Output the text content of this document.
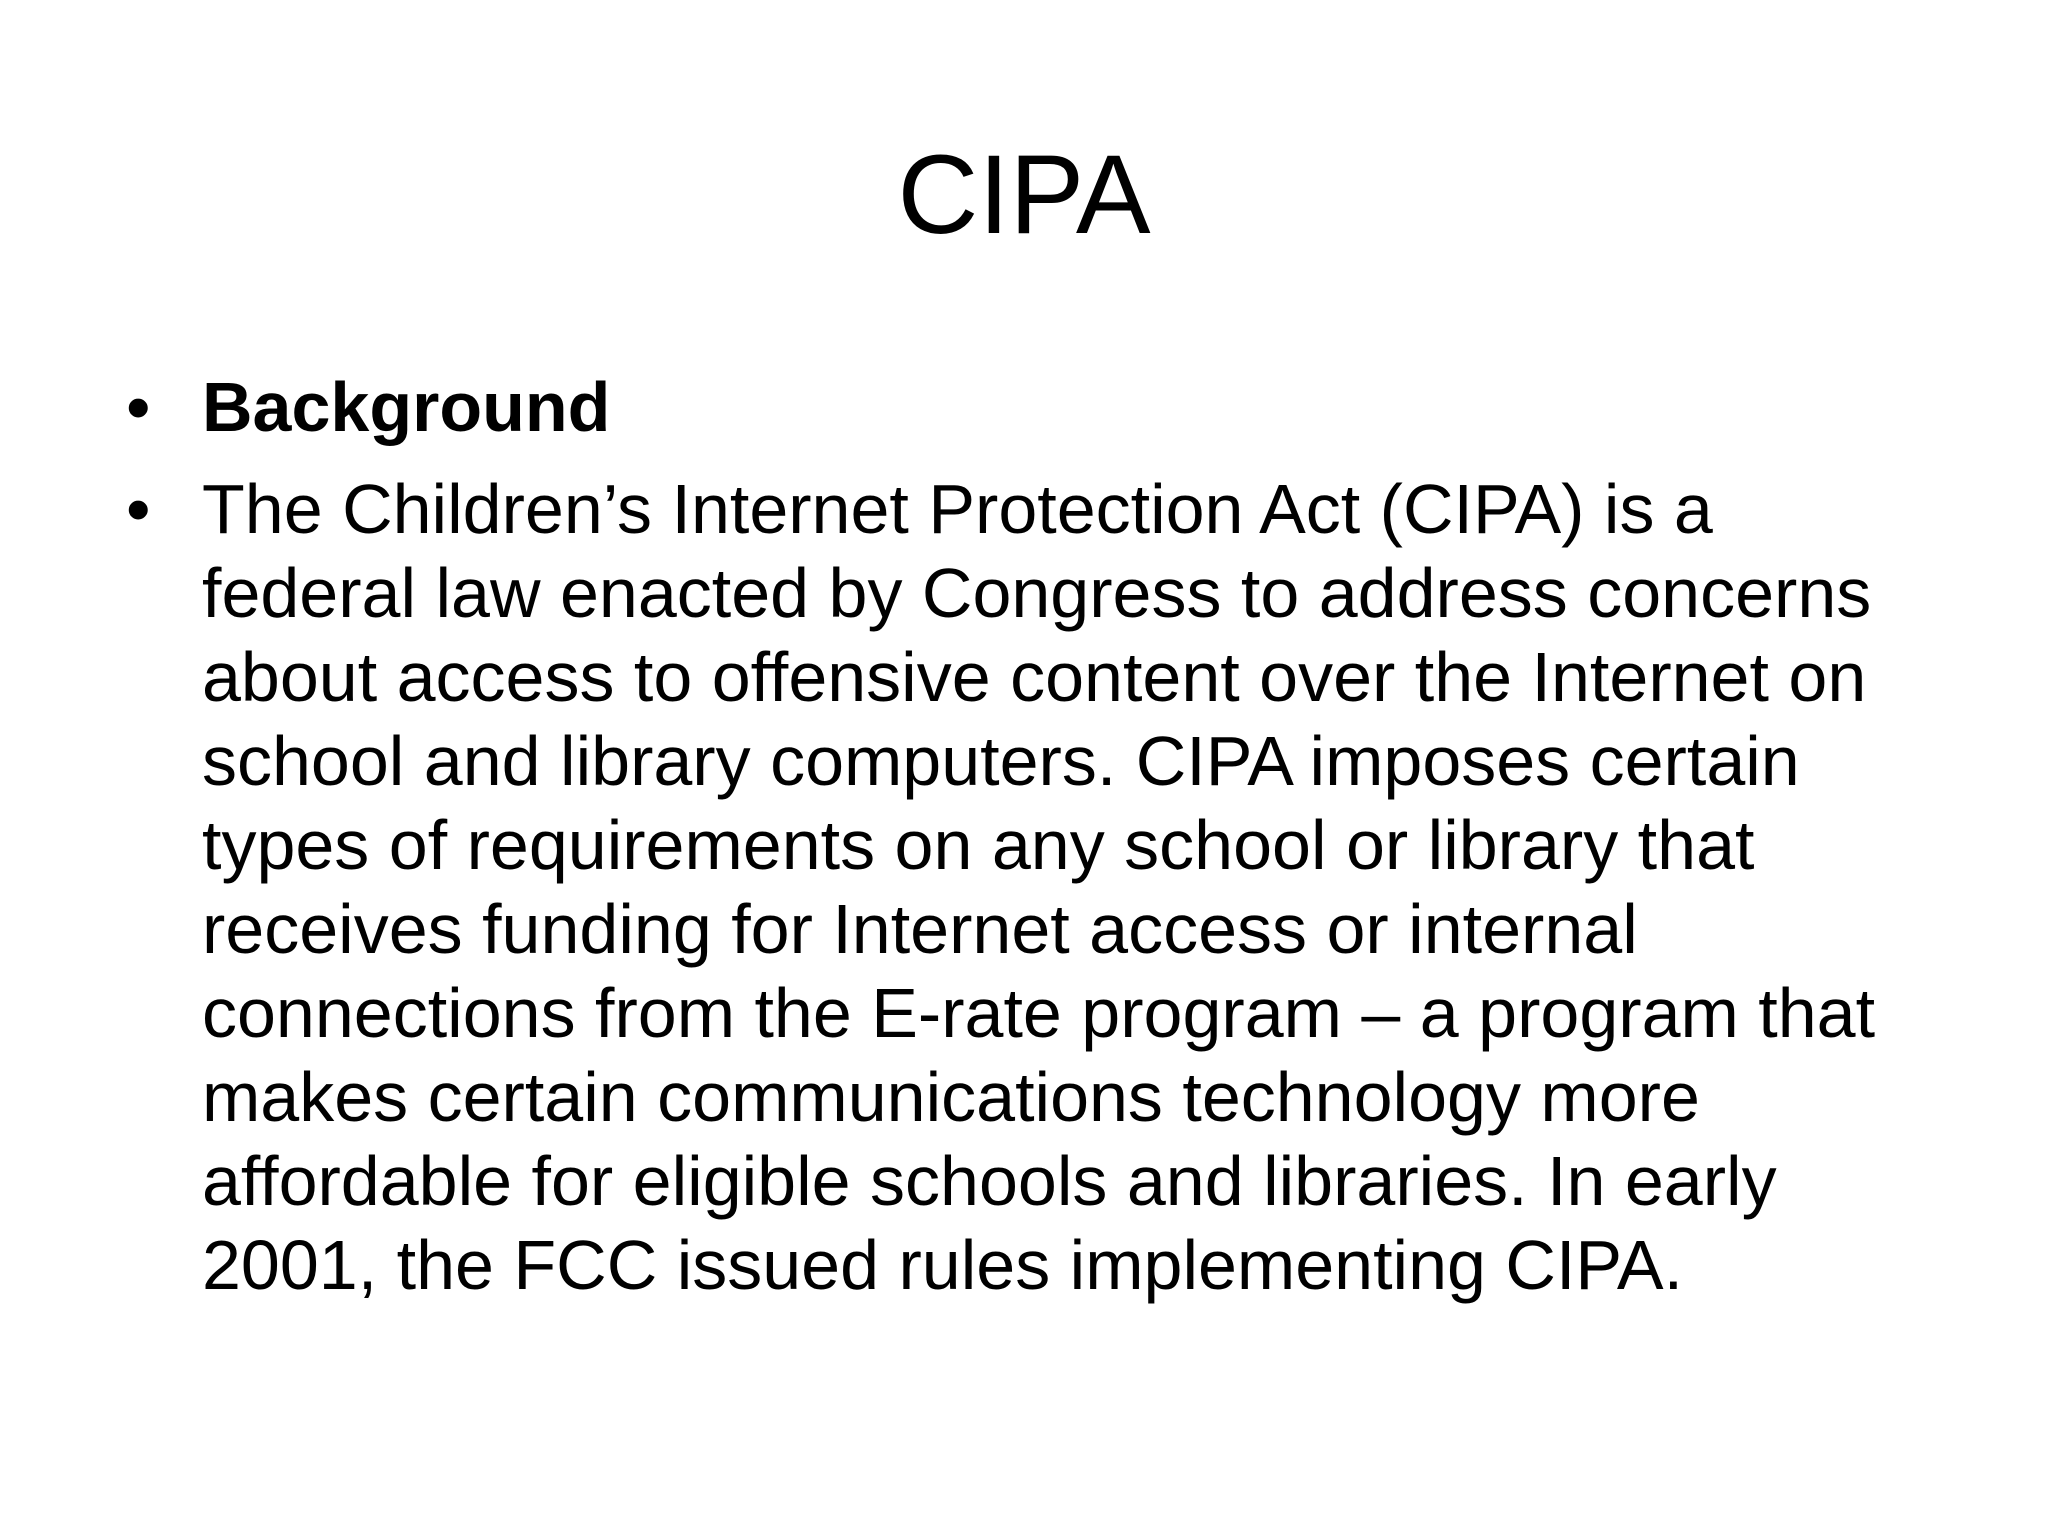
CIPA
• Background
• The Children’s Internet Protection Act (CIPA) is a federal law enacted by Congress to address concerns about access to offensive content over the Internet on school and library computers. CIPA imposes certain types of requirements on any school or library that receives funding for Internet access or internal connections from the E-rate program – a program that makes certain communications technology more affordable for eligible schools and libraries. In early 2001, the FCC issued rules implementing CIPA.
